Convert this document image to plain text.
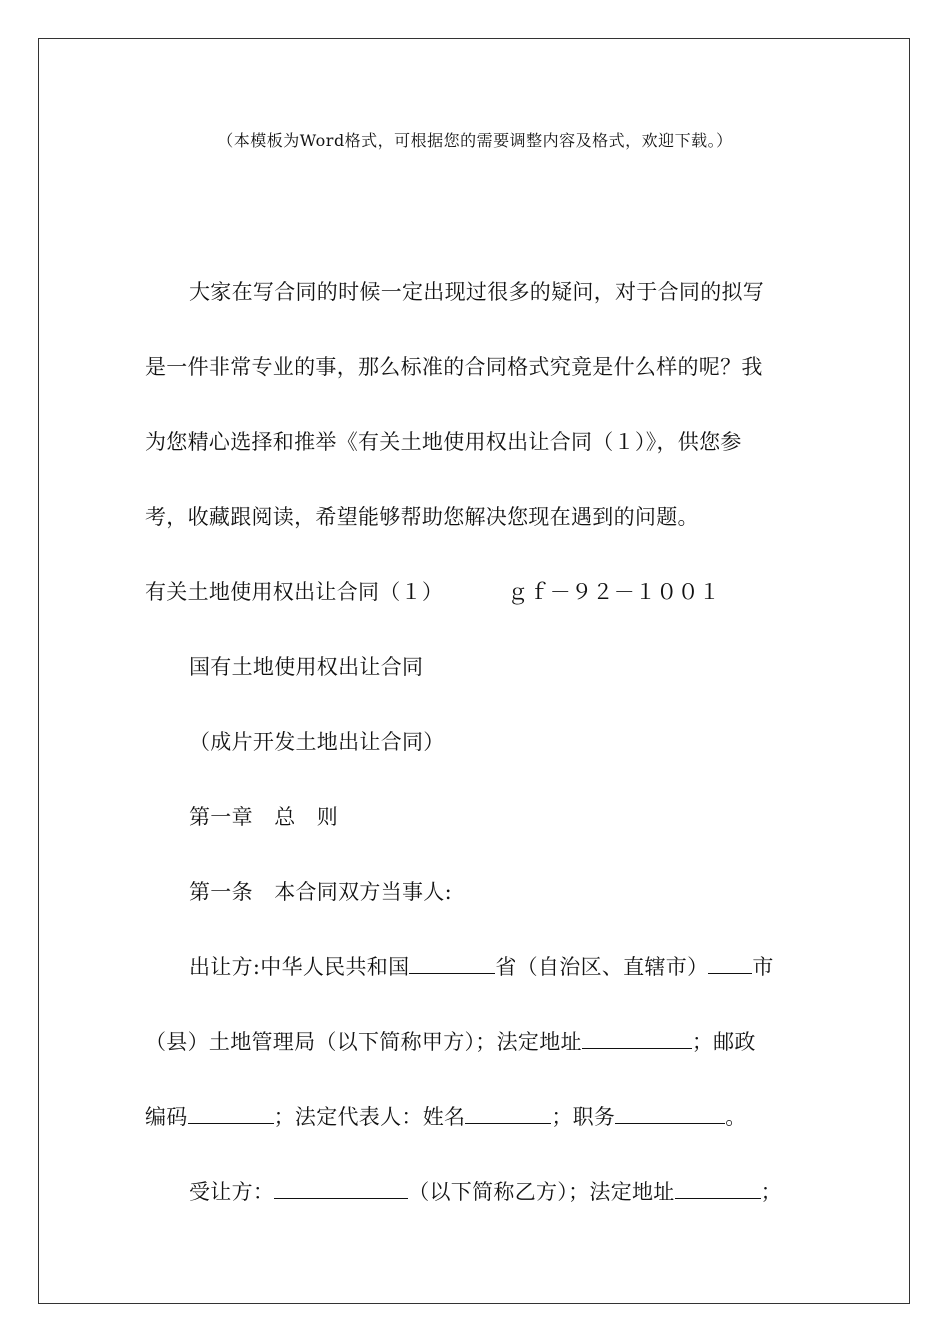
（本模板为Word格式，可根据您的需要调整内容及格式，欢迎下载。）
大家在写合同的时候一定出现过很多的疑问，对于合同的拟写
是一件非常专业的事，那么标准的合同格式究竟是什么样的呢？我
为您精心选择和推举《有关土地使用权出让合同（１）》，供您参
考，收藏跟阅读，希望能够帮助您解决您现在遇到的问题。
有关土地使用权出让合同（１）	ｇｆ－９２－１００１
国有土地使用权出让合同
（成片开发土地出让合同）
第一章　总　则
第一条　本合同双方当事人:
出让方:中华人民共和国	省（自治区、直辖市） 市
（县）土地管理局（以下简称甲方）；法定地址	；邮政
编码	；法定代表人：姓名	；职务	。
受让方：	（以下简称乙方）；法定地址	；
